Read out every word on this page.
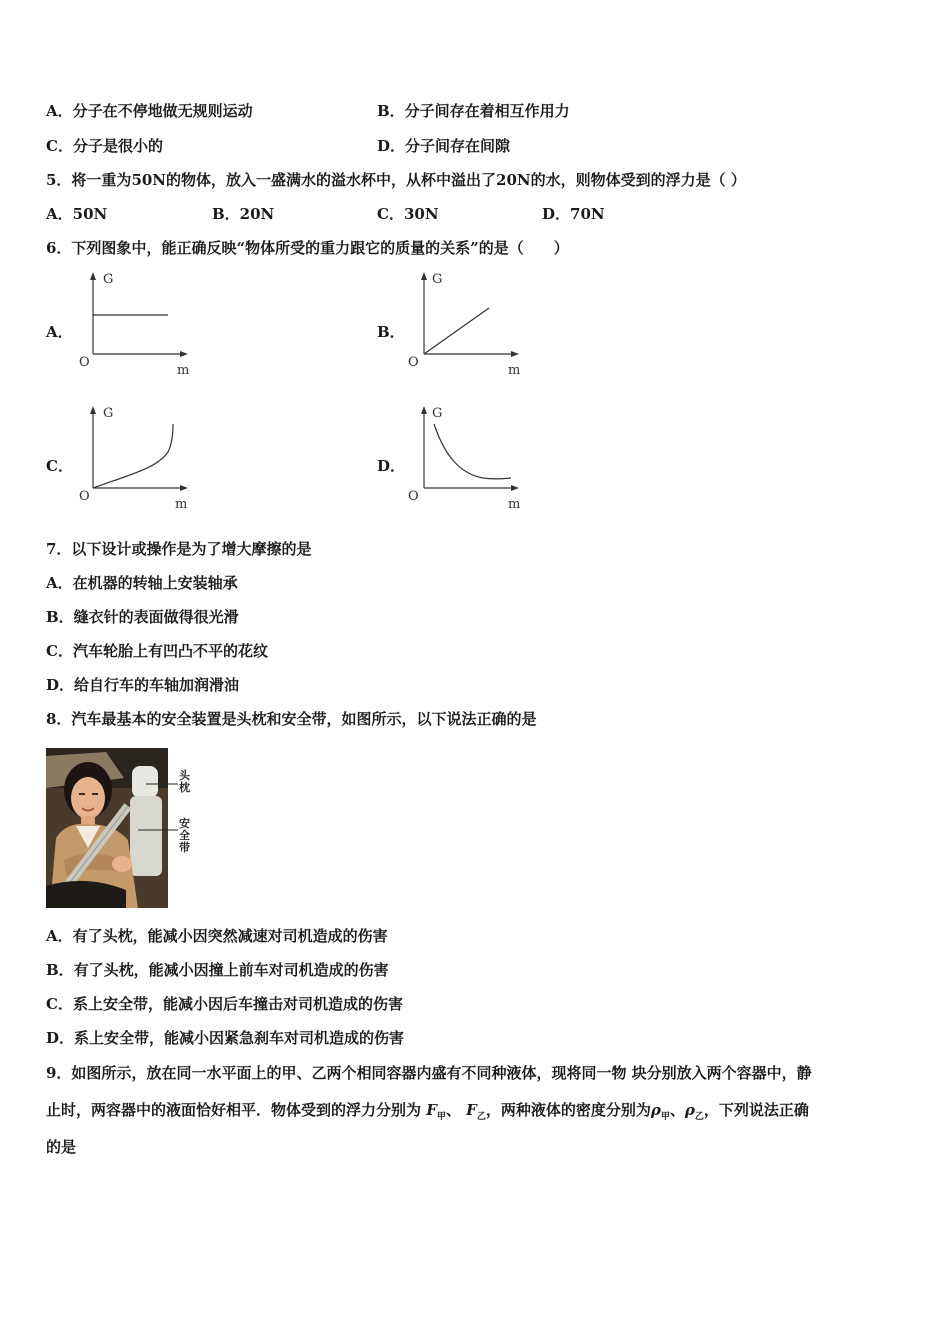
A．分子在不停地做无规则运动	B．分子间存在着相互作用力
C．分子是很小的	D．分子间存在间隙
5．将一重为50N的物体，放入一盛满水的溢水杯中，从杯中溢出了20N的水，则物体受到的浮力是（ ）
A．50N	B．20N	C．30N	D．70N
6．下列图象中，能正确反映“物体所受的重力跟它的质量的关系”的是（　　）
A．	B．
C．	D．
G
O
m
G
O
m
G
O
m
G
O
m
7．以下设计或操作是为了增大摩擦的是
A．在机器的转轴上安装轴承
B．缝衣针的表面做得很光滑
C．汽车轮胎上有凹凸不平的花纹
D．给自行车的车轴加润滑油
8．汽车最基本的安全装置是头枕和安全带，如图所示，以下说法正确的是
头枕
安全带
A．有了头枕，能减小因突然减速对司机造成的伤害
B．有了头枕，能减小因撞上前车对司机造成的伤害
C．系上安全带，能减小因后车撞击对司机造成的伤害
D．系上安全带，能减小因紧急刹车对司机造成的伤害
9．如图所示，放在同一水平面上的甲、乙两个相同容器内盛有不同种液体，现将同一物 块分别放入两个容器中，静
止时，两容器中的液面恰好相平．物体受到的浮力分别为 $F_甲$、 $F_乙$，两种液体的密度分别为$\rho_甲$、$\rho_乙$，下列说法正确
的是
